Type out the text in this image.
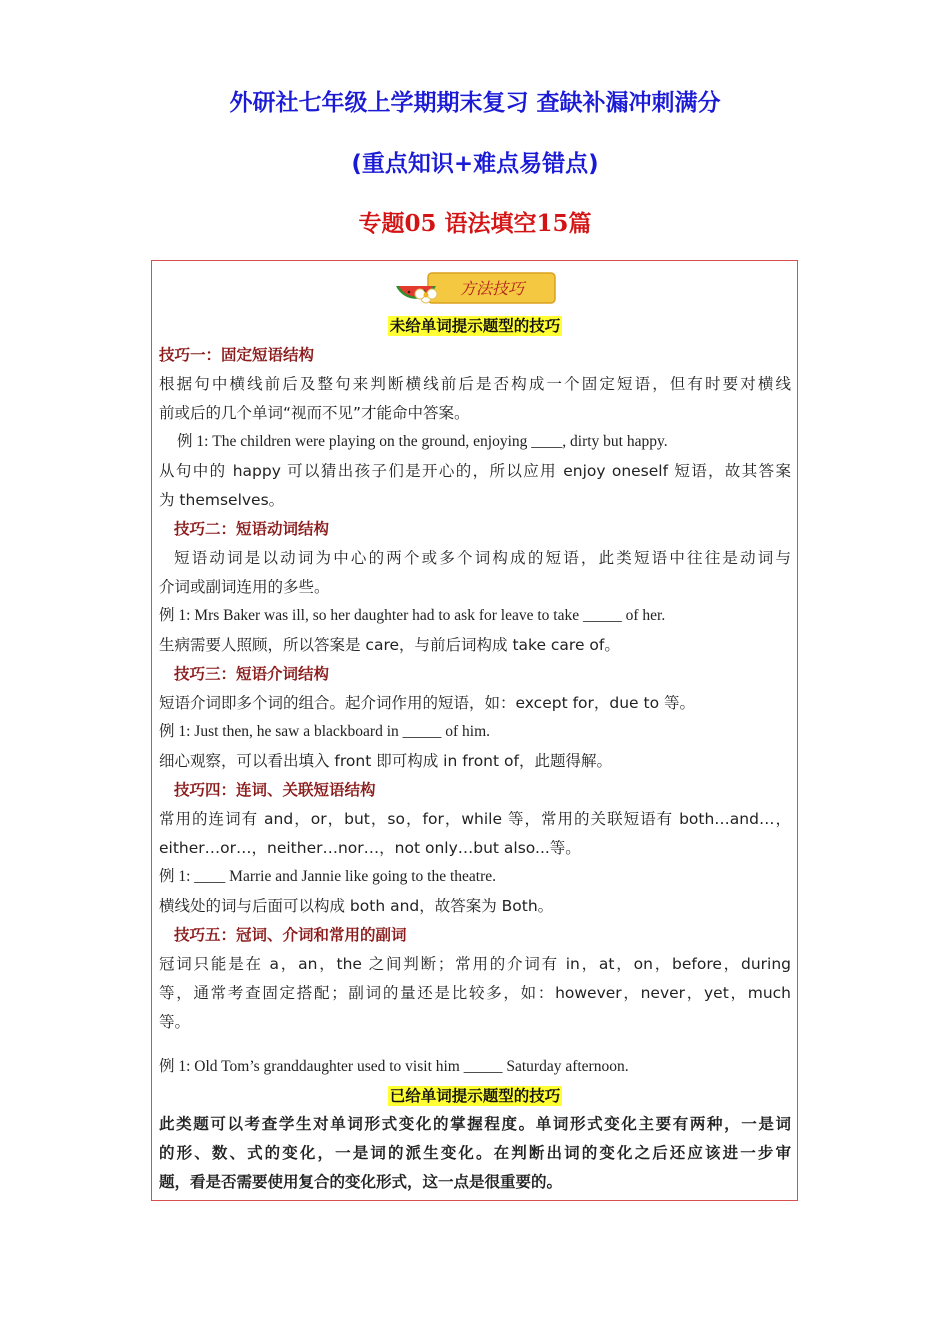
外研社七年级上学期期末复习 查缺补漏冲刺满分
(重点知识+难点易错点)
专题05 语法填空15篇
方法技巧
未给单词提示题型的技巧
技巧一：固定短语结构
根据句中横线前后及整句来判断横线前后是否构成一个固定短语，但有时要对横线
前或后的几个单词“视而不见”才能命中答案。
例 1: The children were playing on the ground, enjoying ____, dirty but happy.
从句中的 happy 可以猜出孩子们是开心的，所以应用 enjoy oneself 短语，故其答案
为 themselves。
技巧二：短语动词结构
短语动词是以动词为中心的两个或多个词构成的短语，此类短语中往往是动词与
介词或副词连用的多些。
例 1: Mrs Baker was ill, so her daughter had to ask for leave to take _____ of her.
生病需要人照顾，所以答案是 care，与前后词构成 take care of。
技巧三：短语介词结构
短语介词即多个词的组合。起介词作用的短语，如：except for，due to 等。
例 1: Just then, he saw a blackboard in _____ of him.
细心观察，可以看出填入 front 即可构成 in front of，此题得解。
技巧四：连词、关联短语结构
常用的连词有 and，or，but，so，for，while 等，常用的关联短语有 both…and…，
either…or…，neither…nor…，not only…but also...等。
例 1: ____ Marrie and Jannie like going to the theatre.
横线处的词与后面可以构成 both and，故答案为 Both。
技巧五：冠词、介词和常用的副词
冠词只能是在 a，an，the 之间判断；常用的介词有 in，at，on，before，during
等，通常考查固定搭配；副词的量还是比较多，如：however，never，yet，much
等。
例 1: Old Tom’s granddaughter used to visit him _____ Saturday afternoon.
已给单词提示题型的技巧
此类题可以考查学生对单词形式变化的掌握程度。单词形式变化主要有两种，一是词
的形、数、式的变化，一是词的派生变化。在判断出词的变化之后还应该进一步审
题，看是否需要使用复合的变化形式，这一点是很重要的。
